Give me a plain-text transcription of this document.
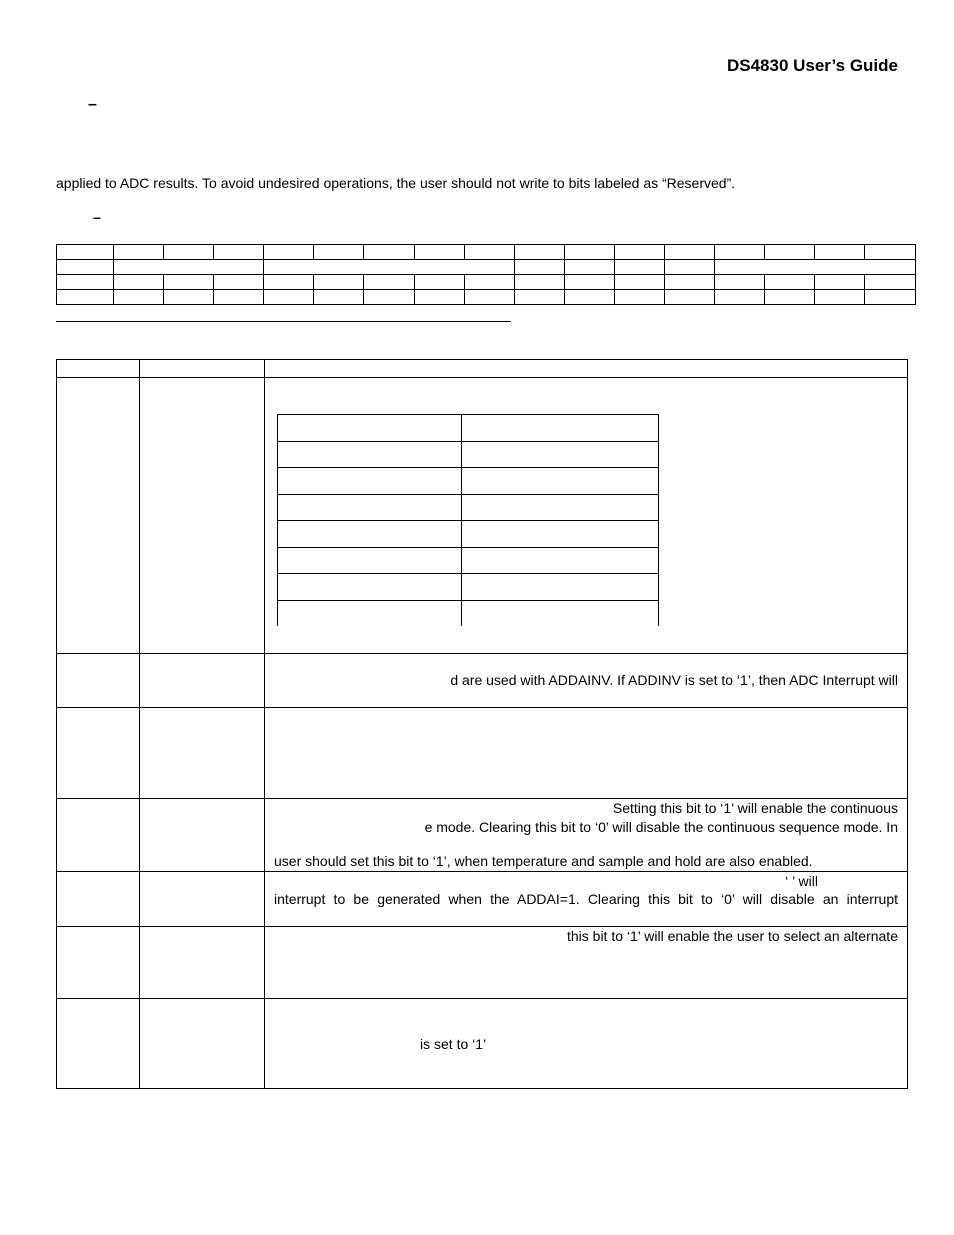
DS4830 User’s Guide
–
applied to ADC results. To avoid undesired operations, the user should not write to bits labeled as “Reserved”.
–

d are used with ADDAINV. If ADDINV is set to ‘1’, then ADC Interrupt will

Setting this bit to ‘1’ will enable the continuous
e mode. Clearing this bit to ‘0’ will disable the continuous sequence mode. In
user should set this bit to ‘1’, when temperature and sample and hold are also enabled.

‘ ’ will
interrupt to be generated when the ADDAI=1. Clearing this bit to ‘0’ will disable an interrupt

this bit to ‘1’ will enable the user to select an alternate

is set to ‘1’
